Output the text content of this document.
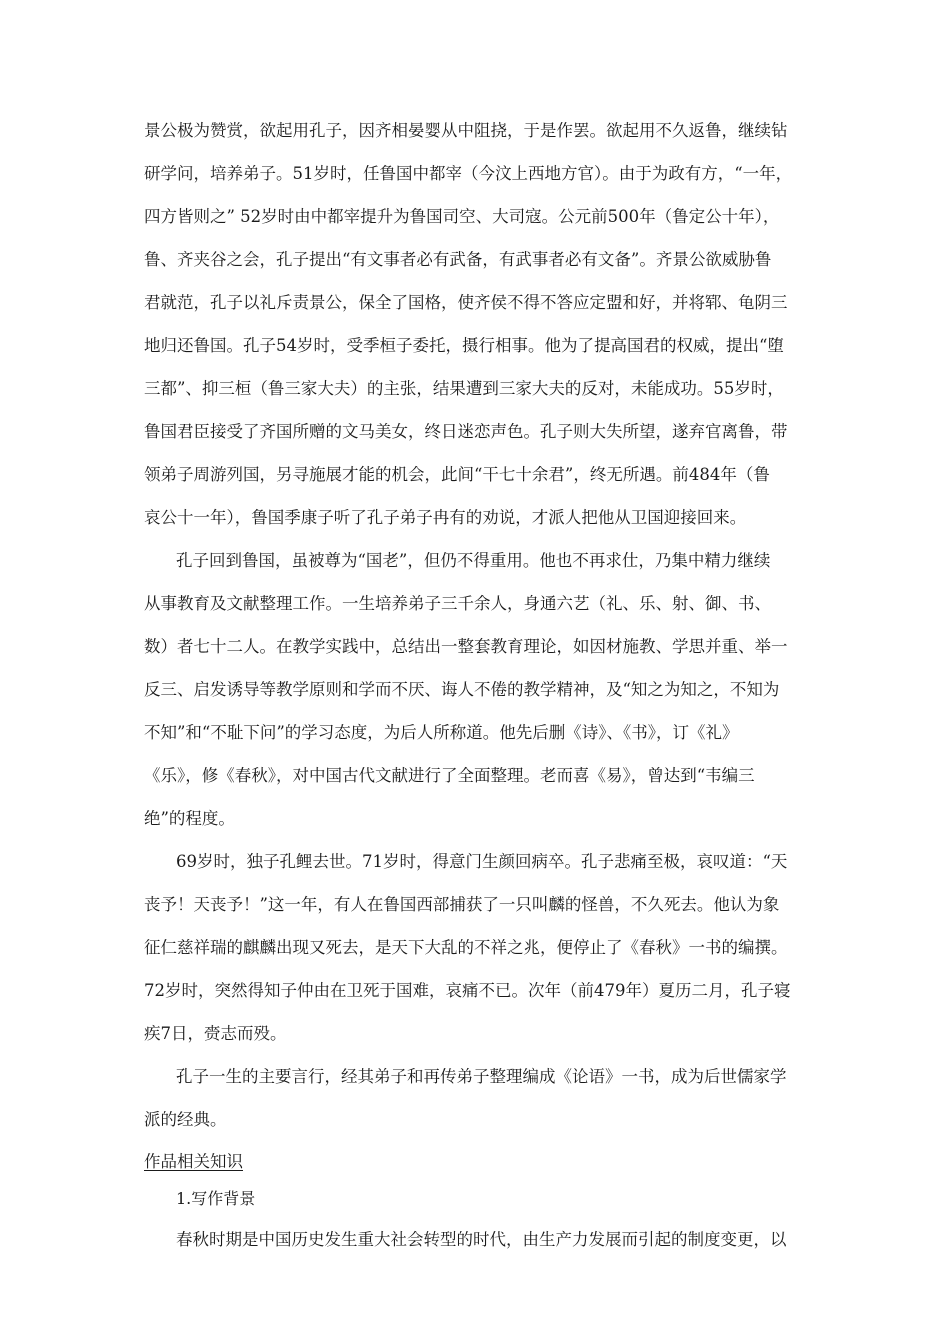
景公极为赞赏，欲起用孔子，因齐相晏婴从中阻挠，于是作罢。欲起用不久返鲁，继续钻
研学问，培养弟子。51岁时，任鲁国中都宰（今汶上西地方官）。由于为政有方，“一年，
四方皆则之” 52岁时由中都宰提升为鲁国司空、大司寇。公元前500年（鲁定公十年），
鲁、齐夹谷之会，孔子提出“有文事者必有武备，有武事者必有文备”。齐景公欲威胁鲁
君就范，孔子以礼斥责景公，保全了国格，使齐侯不得不答应定盟和好，并将郓、龟阴三
地归还鲁国。孔子54岁时，受季桓子委托，摄行相事。他为了提高国君的权威，提出“堕
三都”、抑三桓（鲁三家大夫）的主张，结果遭到三家大夫的反对，未能成功。55岁时，
鲁国君臣接受了齐国所赠的文马美女，终日迷恋声色。孔子则大失所望，遂弃官离鲁，带
领弟子周游列国，另寻施展才能的机会，此间“干七十余君”，终无所遇。前484年（鲁
哀公十一年），鲁国季康子听了孔子弟子冉有的劝说，才派人把他从卫国迎接回来。
孔子回到鲁国，虽被尊为“国老”，但仍不得重用。他也不再求仕，乃集中精力继续
从事教育及文献整理工作。一生培养弟子三千余人，身通六艺（礼、乐、射、御、书、
数）者七十二人。在教学实践中，总结出一整套教育理论，如因材施教、学思并重、举一
反三、启发诱导等教学原则和学而不厌、诲人不倦的教学精神，及“知之为知之，不知为
不知”和“不耻下问”的学习态度，为后人所称道。他先后删《诗》、《书》，订《礼》
《乐》，修《春秋》，对中国古代文献进行了全面整理。老而喜《易》，曾达到“韦编三
绝”的程度。
69岁时，独子孔鲤去世。71岁时，得意门生颜回病卒。孔子悲痛至极，哀叹道：“天
丧予！天丧予！”这一年，有人在鲁国西部捕获了一只叫麟的怪兽，不久死去。他认为象
征仁慈祥瑞的麒麟出现又死去，是天下大乱的不祥之兆，便停止了《春秋》一书的编撰。
72岁时，突然得知子仲由在卫死于国难，哀痛不已。次年（前479年）夏历二月，孔子寝
疾7日，赍志而殁。
孔子一生的主要言行，经其弟子和再传弟子整理编成《论语》一书，成为后世儒家学
派的经典。
作品相关知识
1.写作背景
春秋时期是中国历史发生重大社会转型的时代，由生产力发展而引起的制度变更，以
